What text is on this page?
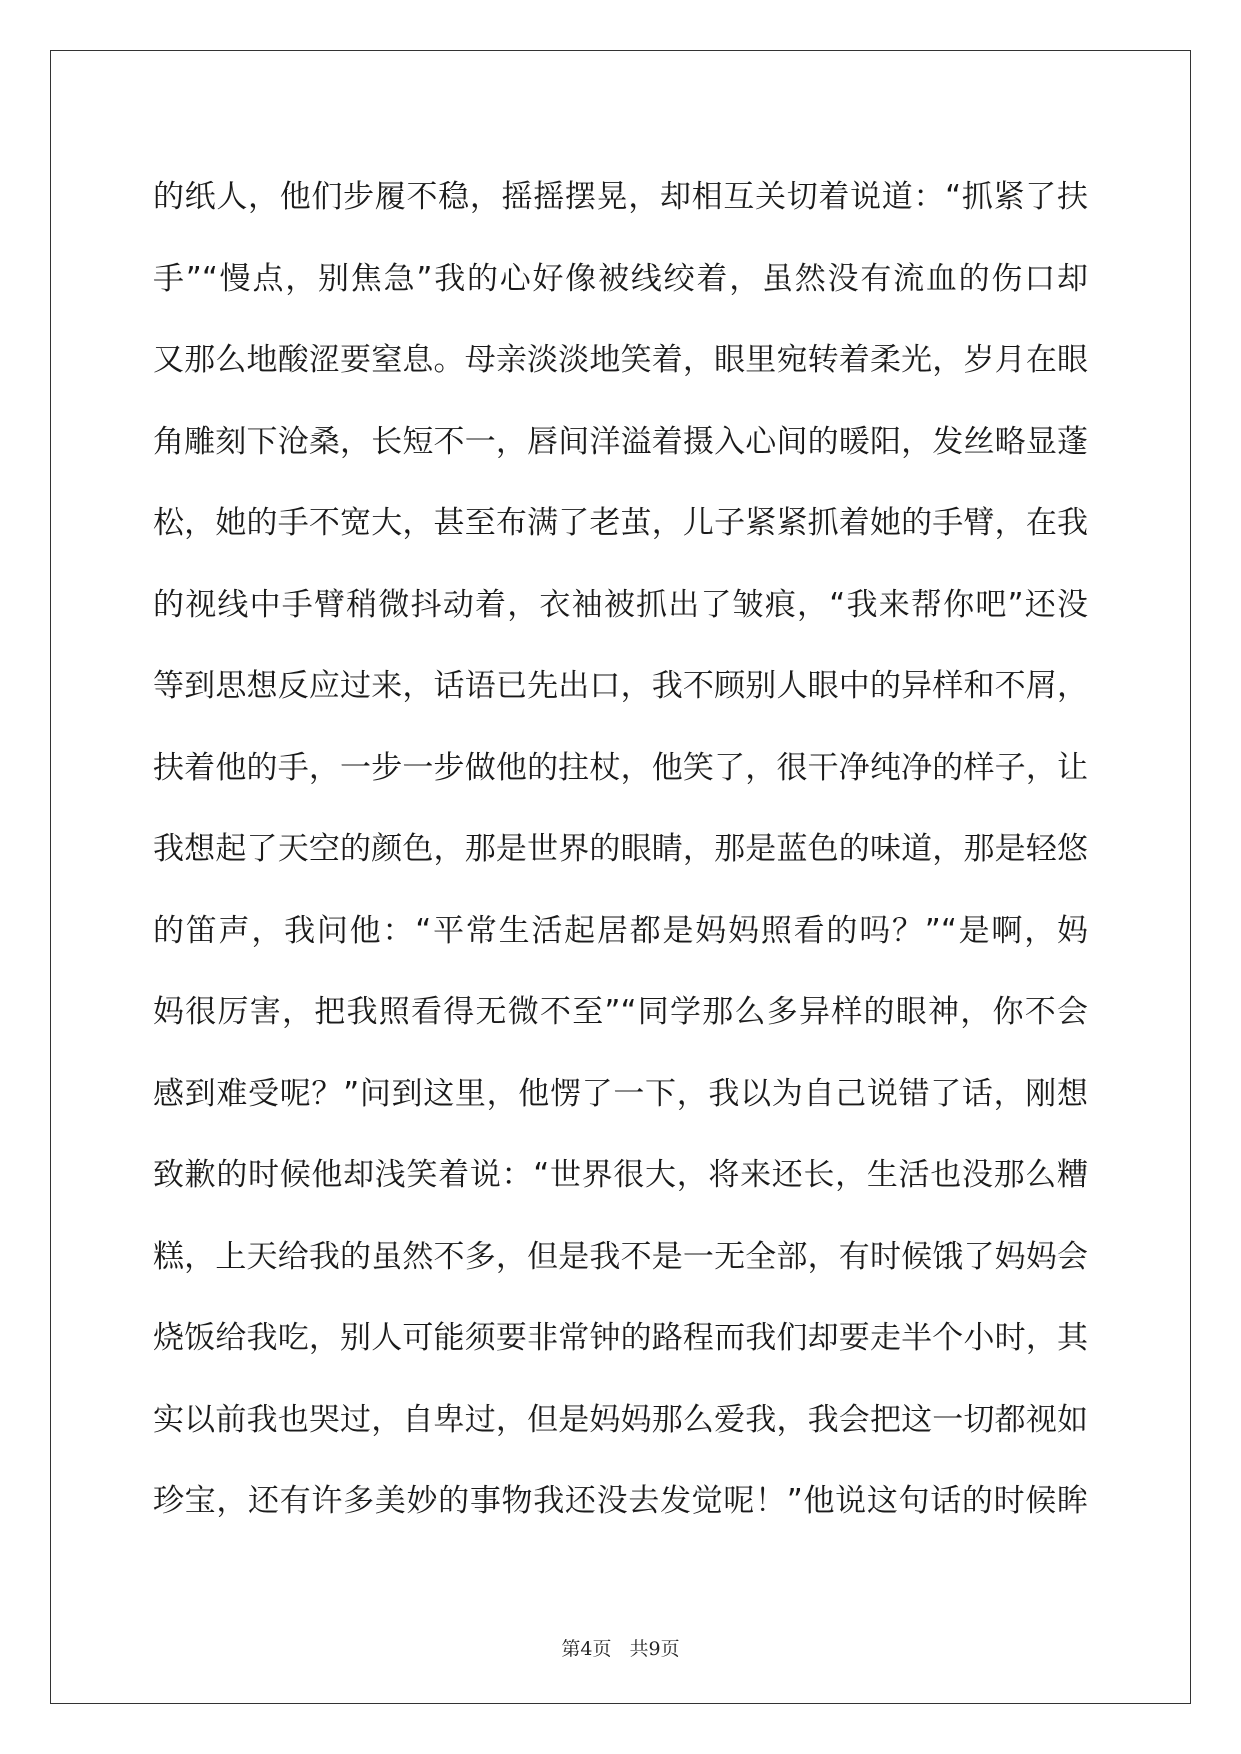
的纸人，他们步履不稳，摇摇摆晃，却相互关切着说道：“抓紧了扶
手”“慢点，别焦急”我的心好像被线绞着，虽然没有流血的伤口却
又那么地酸涩要窒息。母亲淡淡地笑着，眼里宛转着柔光，岁月在眼
角雕刻下沧桑，长短不一，唇间洋溢着摄入心间的暖阳，发丝略显蓬
松，她的手不宽大，甚至布满了老茧，儿子紧紧抓着她的手臂，在我
的视线中手臂稍微抖动着，衣袖被抓出了皱痕，“我来帮你吧”还没
等到思想反应过来，话语已先出口，我不顾别人眼中的异样和不屑，
扶着他的手，一步一步做他的拄杖，他笑了，很干净纯净的样子，让
我想起了天空的颜色，那是世界的眼睛，那是蓝色的味道，那是轻悠
的笛声，我问他：“平常生活起居都是妈妈照看的吗？”“是啊，妈
妈很厉害，把我照看得无微不至”“同学那么多异样的眼神，你不会
感到难受呢？”问到这里，他愣了一下，我以为自己说错了话，刚想
致歉的时候他却浅笑着说：“世界很大，将来还长，生活也没那么糟
糕，上天给我的虽然不多，但是我不是一无全部，有时候饿了妈妈会
烧饭给我吃，别人可能须要非常钟的路程而我们却要走半个小时，其
实以前我也哭过，自卑过，但是妈妈那么爱我，我会把这一切都视如
珍宝，还有许多美妙的事物我还没去发觉呢！”他说这句话的时候眸
第4页 共9页
